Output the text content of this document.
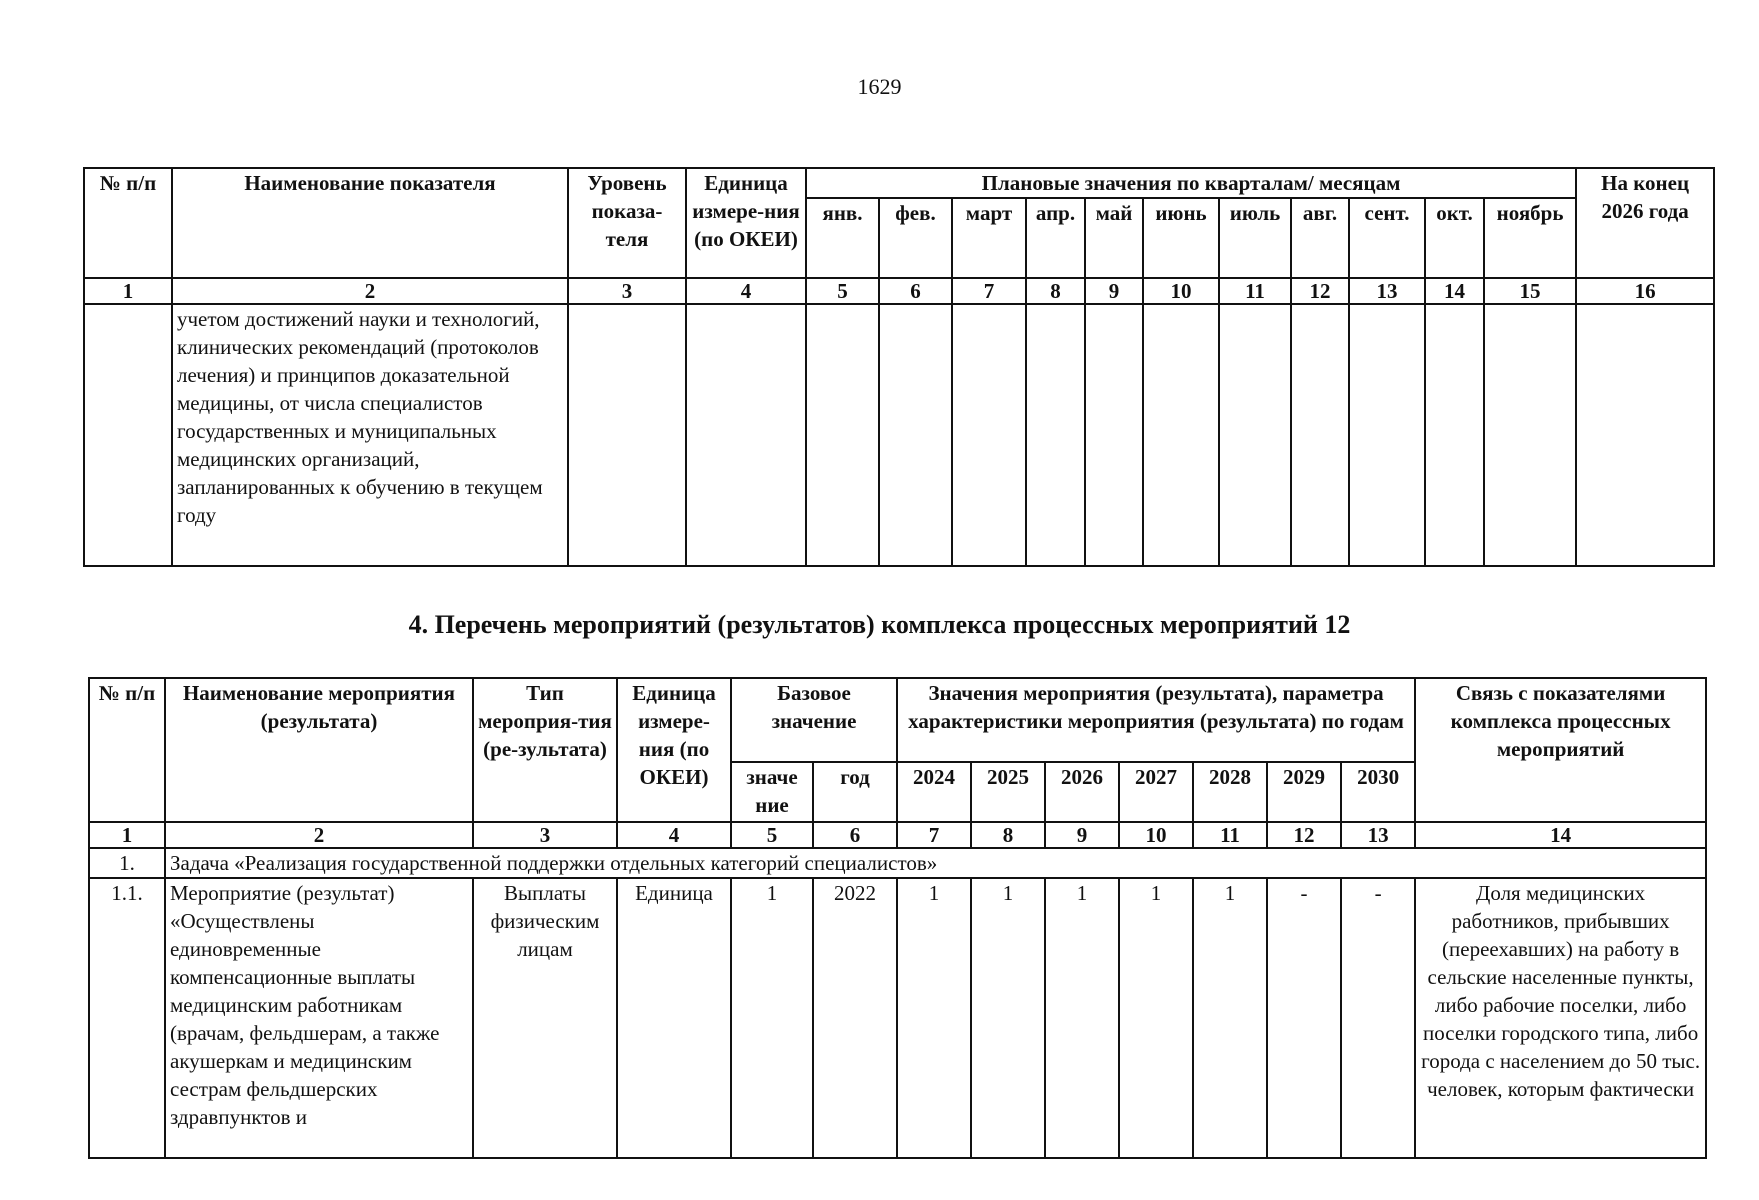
1629
№ п/п	Наименование показателя	Уровень показа-теля	Единица измере-ния (по ОКЕИ)	Плановые значения по кварталам/ месяцам											На конец 2026 года
				янв.	фев.	март	апр.	май	июнь	июль	авг.	сент.	окт.	ноябрь	
1	2	3	4	5	6	7	8	9	10	11	12	13	14	15	16
	учетом достижений науки и технологий, клинических рекомендаций (протоколов лечения) и принципов доказательной медицины, от числа специалистов государственных и муниципальных медицинских организаций, запланированных к обучению в текущем году														
4. Перечень мероприятий (результатов) комплекса процессных мероприятий 12
№ п/п	Наименование мероприятия (результата)	Тип мероприя-тия (ре-зультата)	Единица измере-ния (по ОКЕИ)	Базовое значение		Значения мероприятия (результата), параметра характеристики мероприятия (результата) по годам							Связь с показателями комплекса процессных мероприятий
				значе ние	год	2024	2025	2026	2027	2028	2029	2030	
1	2	3	4	5	6	7	8	9	10	11	12	13	14
1.	Задача «Реализация государственной поддержки отдельных категорий специалистов»												
1.1.	Мероприятие (результат) «Осуществлены единовременные компенсационные выплаты медицинским работникам (врачам, фельдшерам, а также акушеркам и медицинским сестрам фельдшерских здравпунктов и	Выплаты физическим лицам	Единица	1	2022	1	1	1	1	1	-	-	Доля медицинских работников, прибывших (переехавших) на работу в сельские населенные пункты, либо рабочие поселки, либо поселки городского типа, либо города с населением до 50 тыс. человек, которым фактически
